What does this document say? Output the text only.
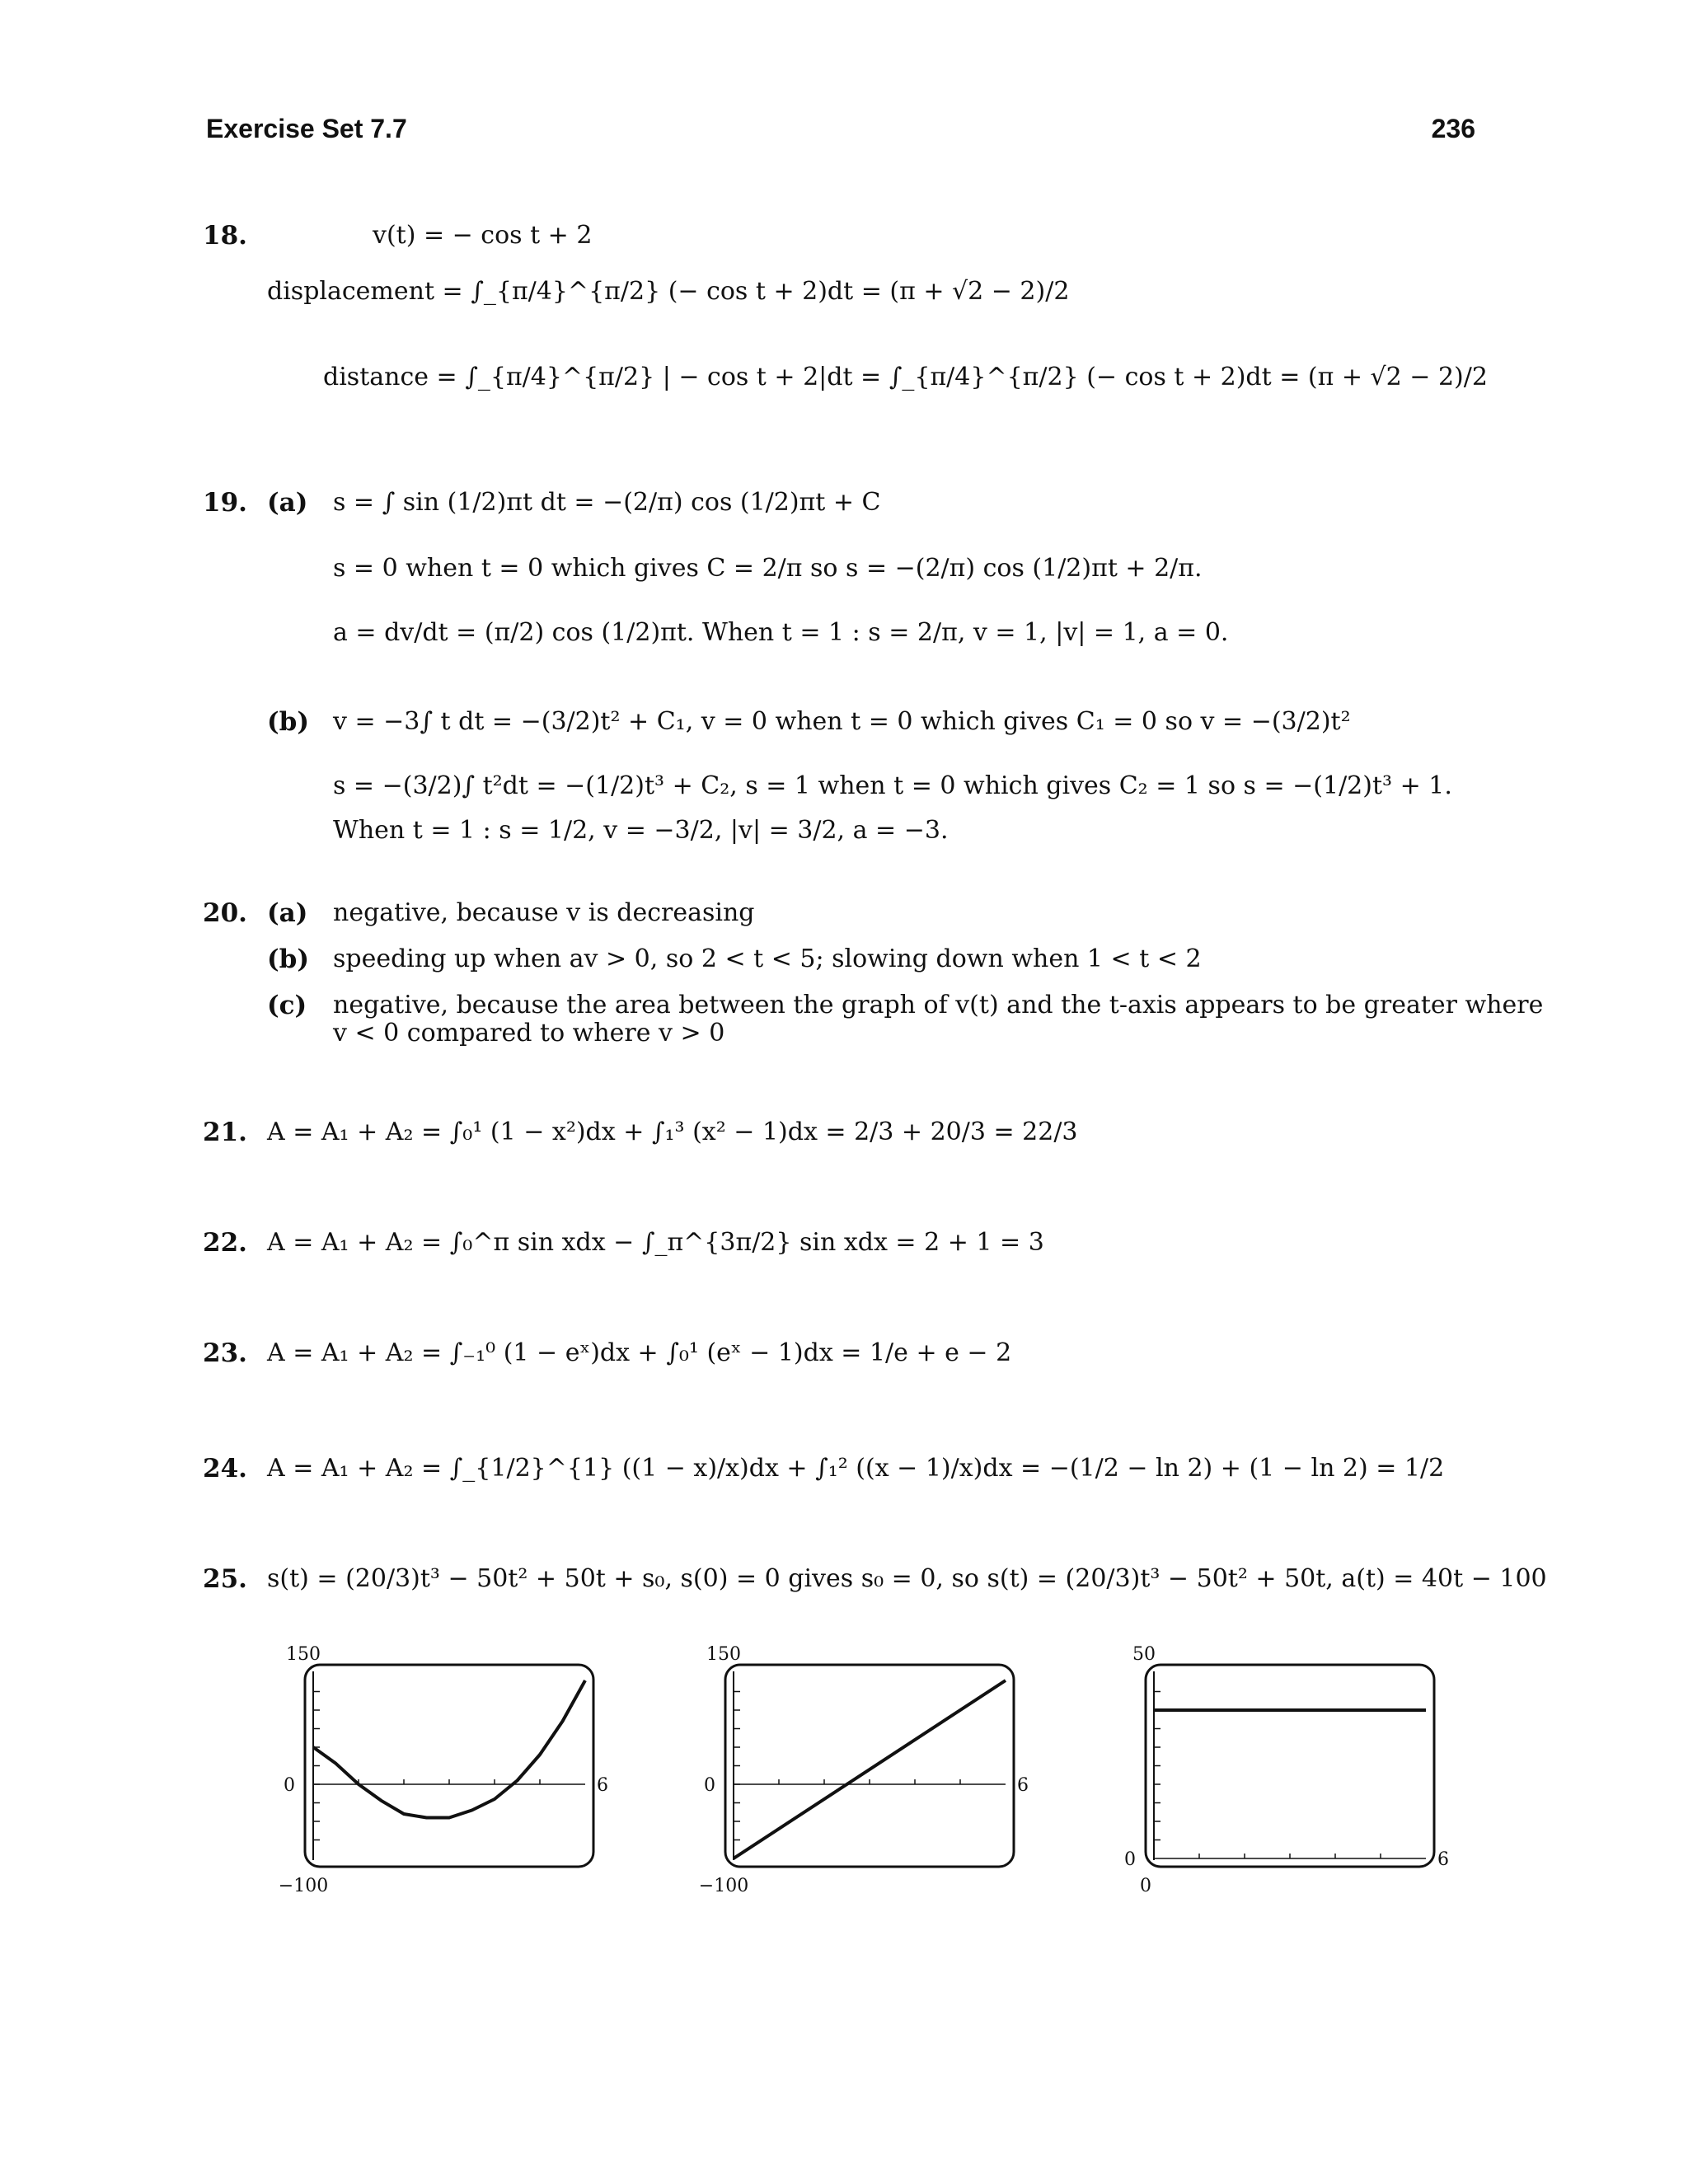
Exercise Set 7.7	236
18.	v(t) = − cos t + 2
displacement = ∫_{π/4}^{π/2} (− cos t + 2)dt = (π + √2 − 2)/2
distance = ∫_{π/4}^{π/2} | − cos t + 2|dt = ∫_{π/4}^{π/2} (− cos t + 2)dt = (π + √2 − 2)/2
19. (a) s = ∫ sin (1/2)πt dt = −(2/π) cos (1/2)πt + C
s = 0 when t = 0 which gives C = 2/π so s = −(2/π) cos (1/2)πt + 2/π.
a = dv/dt = (π/2) cos (1/2)πt. When t = 1 : s = 2/π, v = 1, |v| = 1, a = 0.
(b) v = −3∫ t dt = −(3/2)t² + C₁, v = 0 when t = 0 which gives C₁ = 0 so v = −(3/2)t²
s = −(3/2)∫ t²dt = −(1/2)t³ + C₂, s = 1 when t = 0 which gives C₂ = 1 so s = −(1/2)t³ + 1.
When t = 1 : s = 1/2, v = −3/2, |v| = 3/2, a = −3.
20. (a) negative, because v is decreasing
(b) speeding up when av > 0, so 2 < t < 5; slowing down when 1 < t < 2
(c) negative, because the area between the graph of v(t) and the t-axis appears to be greater where
v < 0 compared to where v > 0
21. A = A₁ + A₂ = ∫₀¹ (1 − x²)dx + ∫₁³ (x² − 1)dx = 2/3 + 20/3 = 22/3
22. A = A₁ + A₂ = ∫₀^π sin xdx − ∫_π^{3π/2} sin xdx = 2 + 1 = 3
23. A = A₁ + A₂ = ∫₋₁⁰ (1 − eˣ)dx + ∫₀¹ (eˣ − 1)dx = 1/e + e − 2
24. A = A₁ + A₂ = ∫_{1/2}^{1} ((1 − x)/x)dx + ∫₁² ((x − 1)/x)dx = −(1/2 − ln 2) + (1 − ln 2) = 1/2
25. s(t) = (20/3)t³ − 50t² + 50t + s₀, s(0) = 0 gives s₀ = 0, so s(t) = (20/3)t³ − 50t² + 50t, a(t) = 40t − 100
150
0
−100
6
150
0
−100
6
50
0
0
6
